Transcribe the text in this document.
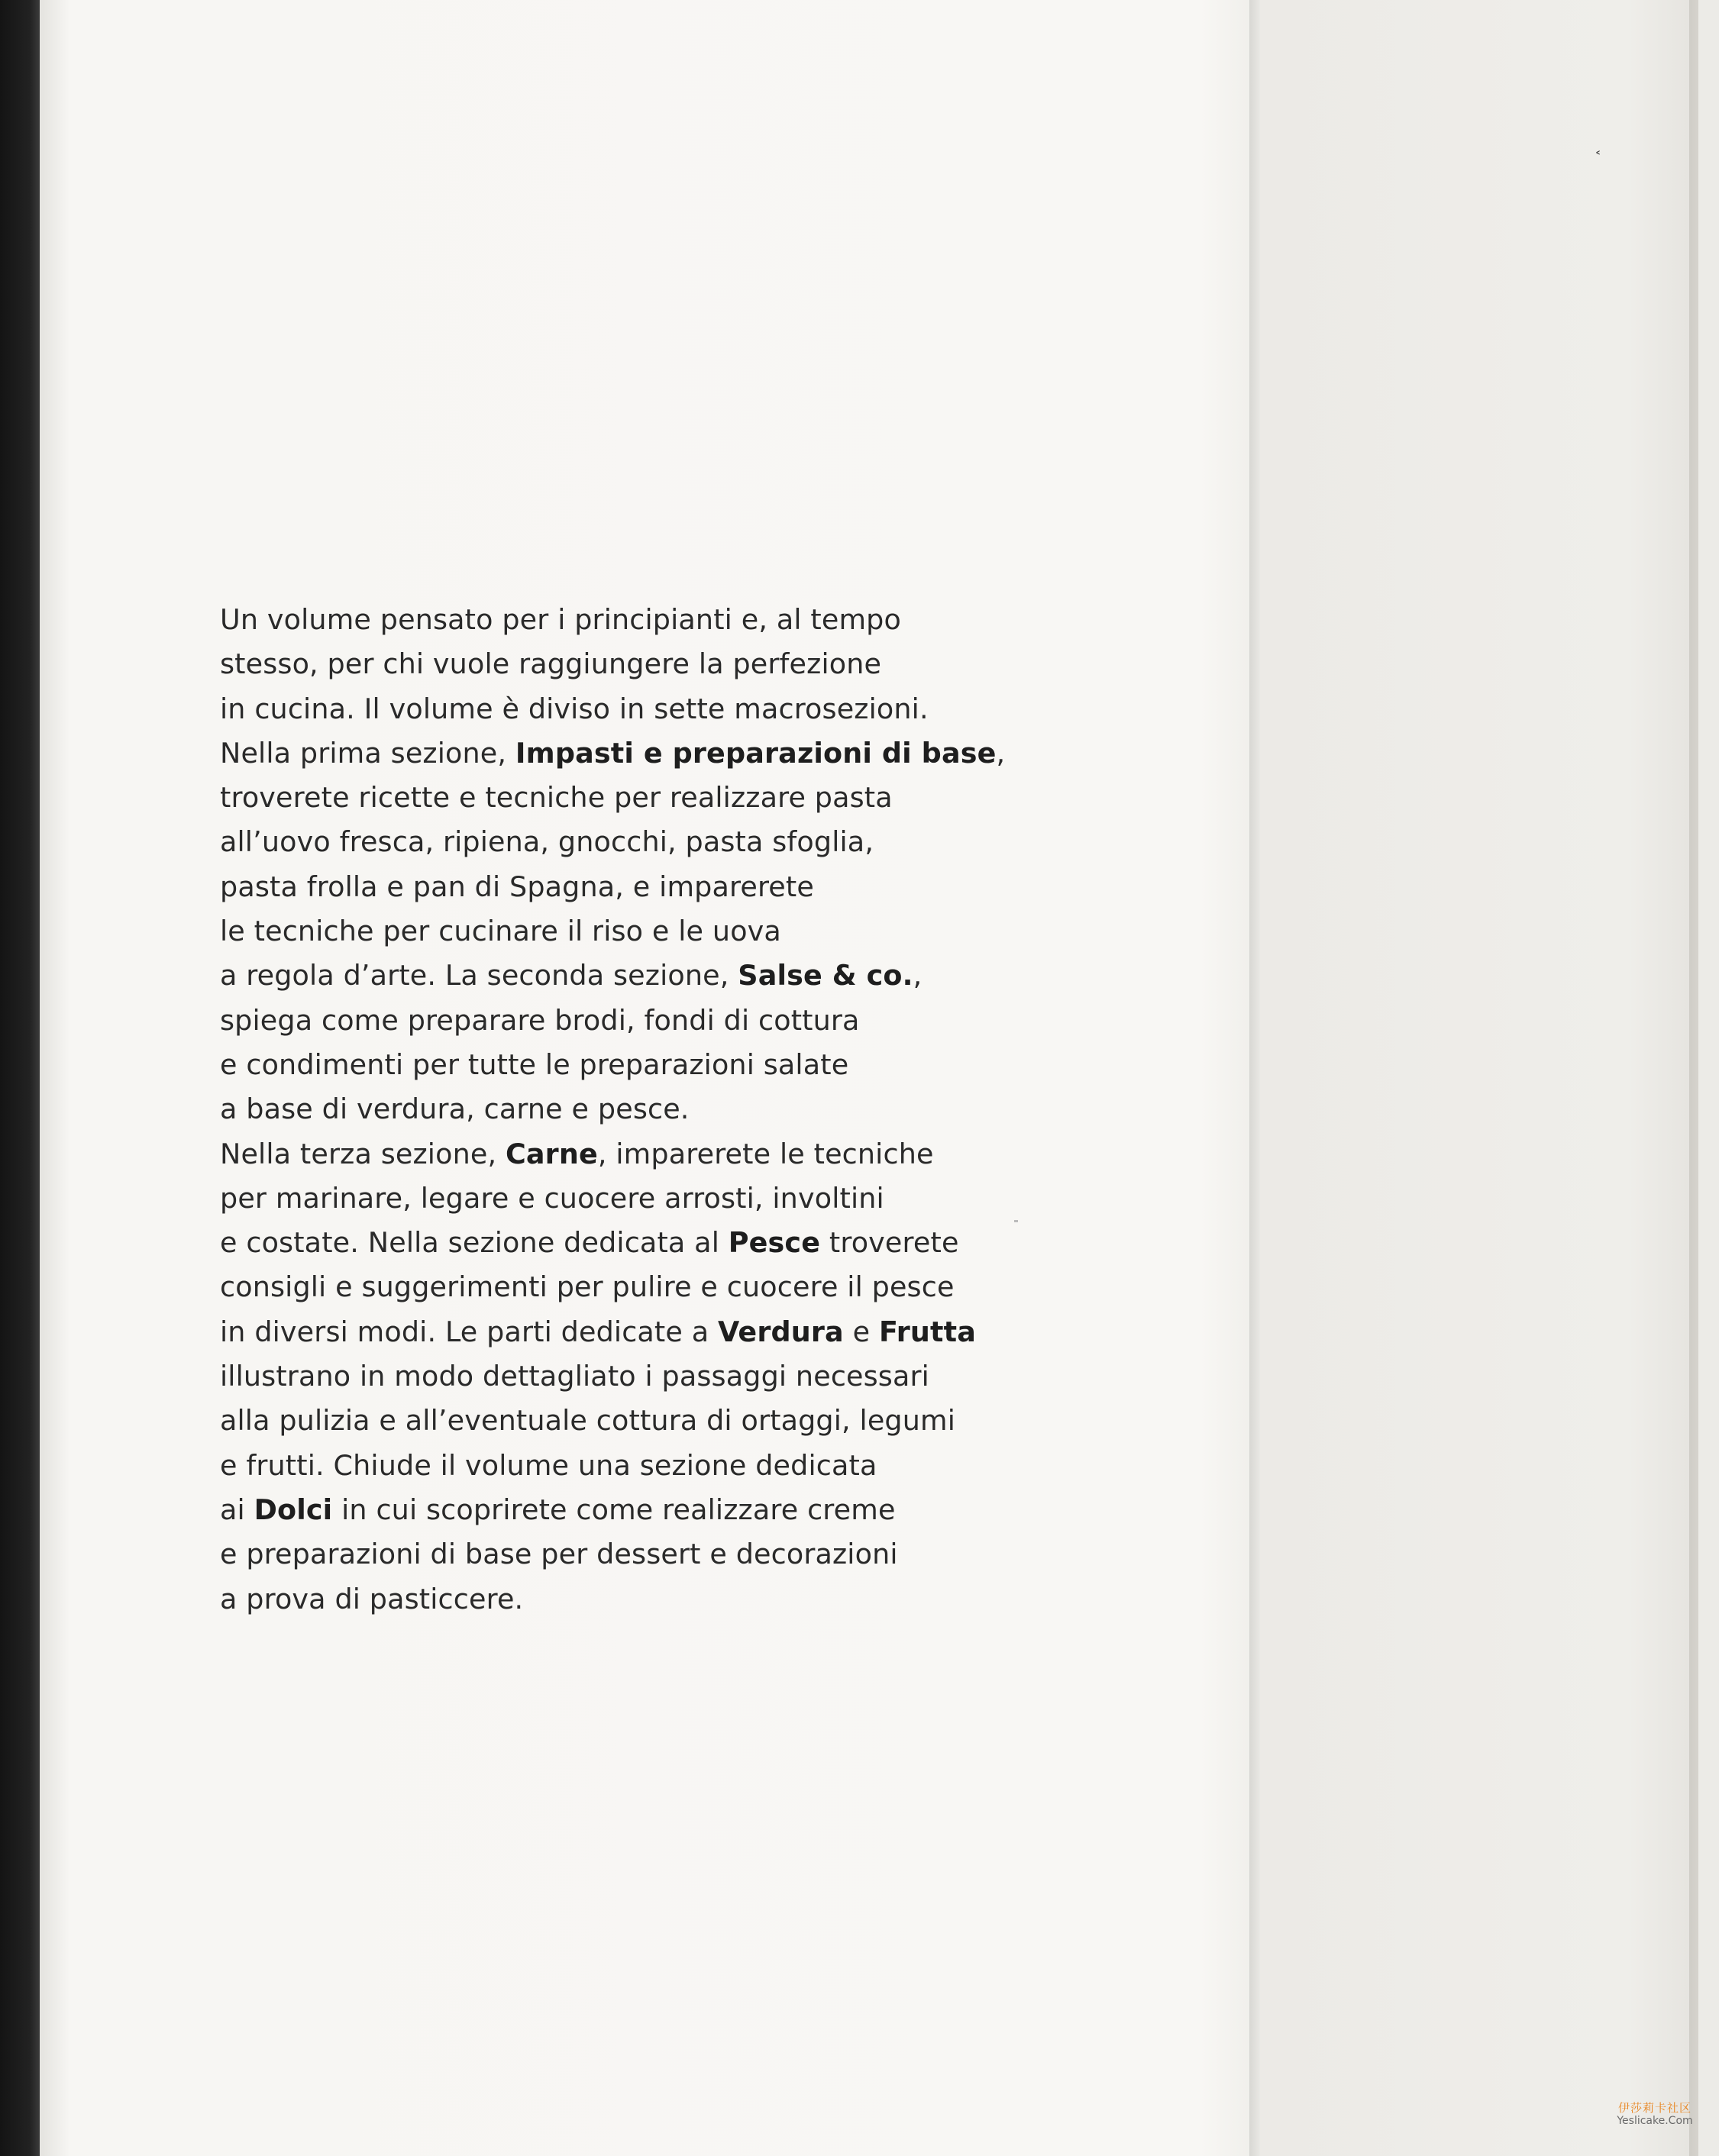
˂
Un volume pensato per i principianti e, al tempo
stesso, per chi vuole raggiungere la perfezione
in cucina. Il volume è diviso in sette macrosezioni.
Nella prima sezione, Impasti e preparazioni di base,
troverete ricette e tecniche per realizzare pasta
all’uovo fresca, ripiena, gnocchi, pasta sfoglia,
pasta frolla e pan di Spagna, e imparerete
le tecniche per cucinare il riso e le uova
a regola d’arte. La seconda sezione, Salse & co.,
spiega come preparare brodi, fondi di cottura
e condimenti per tutte le preparazioni salate
a base di verdura, carne e pesce.
Nella terza sezione, Carne, imparerete le tecniche
per marinare, legare e cuocere arrosti, involtini
e costate. Nella sezione dedicata al Pesce troverete
consigli e suggerimenti per pulire e cuocere il pesce
in diversi modi. Le parti dedicate a Verdura e Frutta
illustrano in modo dettagliato i passaggi necessari
alla pulizia e all’eventuale cottura di ortaggi, legumi
e frutti. Chiude il volume una sezione dedicata
ai Dolci in cui scoprirete come realizzare creme
e preparazioni di base per dessert e decorazioni
a prova di pasticcere.
伊莎莉卡社区
Yeslicake.Com
